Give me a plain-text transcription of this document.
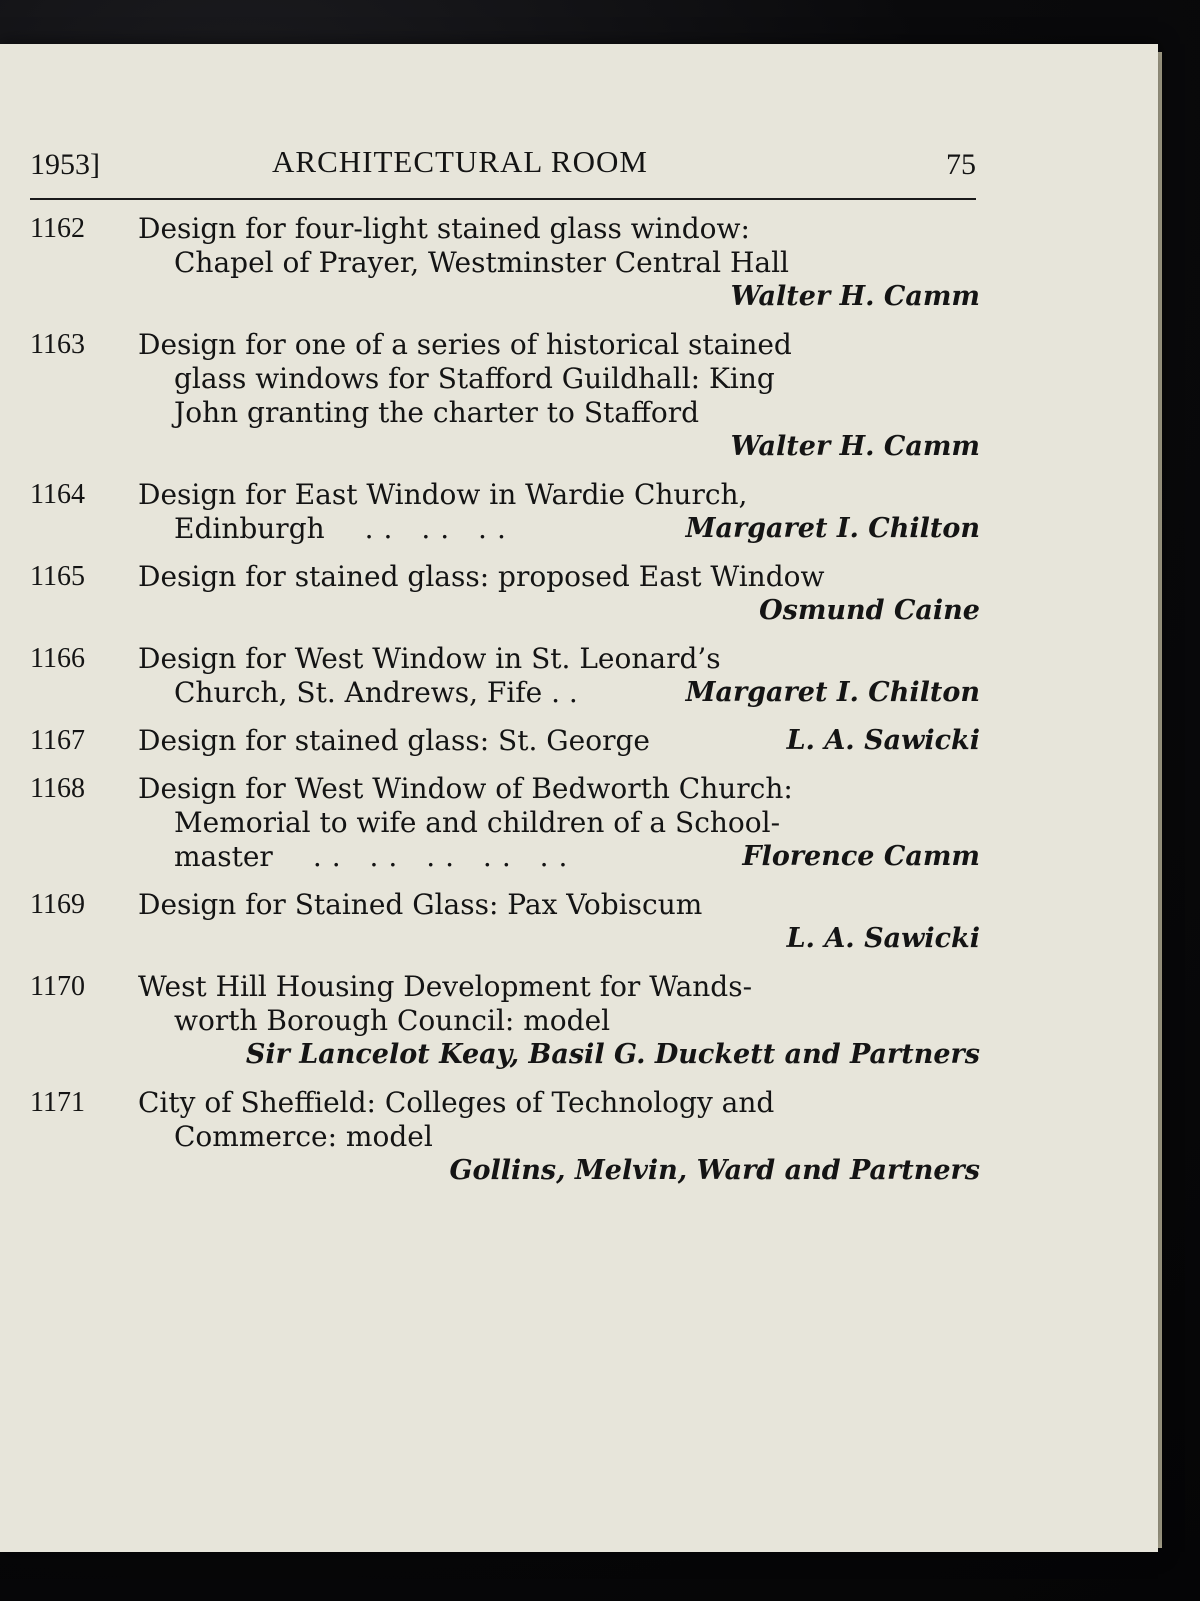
1953]	ARCHITECTURAL ROOM	75
1162 Design for four-light stained glass window:
Chapel of Prayer, Westminster Central Hall
Walter H. Camm
1163 Design for one of a series of historical stained
glass windows for Stafford Guildhall: King
John granting the charter to Stafford
Walter H. Camm
1164 Design for East Window in Wardie Church,
Edinburgh .. .. ..	Margaret I. Chilton
1165 Design for stained glass: proposed East Window
Osmund Caine
1166 Design for West Window in St. Leonard’s
Church, St. Andrews, Fife . .	Margaret I. Chilton
1167 Design for stained glass: St. George	L. A. Sawicki
1168 Design for West Window of Bedworth Church:
Memorial to wife and children of a School-
master .. .. .. .. ..	Florence Camm
1169 Design for Stained Glass: Pax Vobiscum
L. A. Sawicki
1170 West Hill Housing Development for Wands-
worth Borough Council: model
Sir Lancelot Keay, Basil G. Duckett and Partners
1171 City of Sheffield: Colleges of Technology and
Commerce: model
Gollins, Melvin, Ward and Partners
